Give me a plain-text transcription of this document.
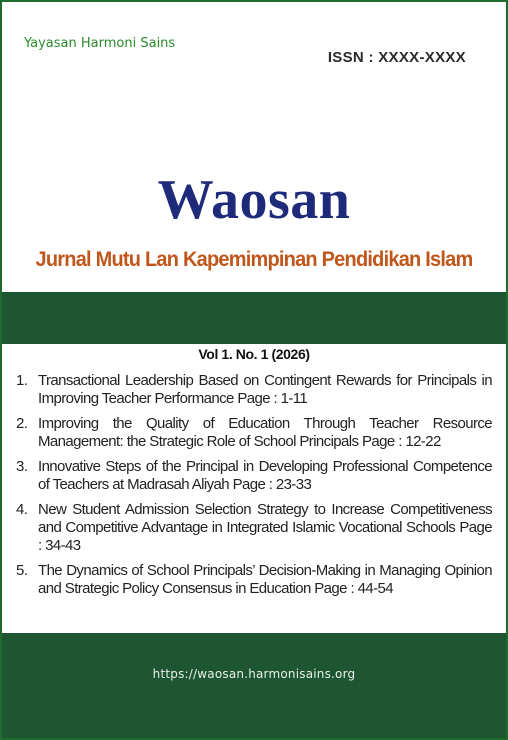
Yayasan Harmoni Sains
ISSN : XXXX-XXXX
Waosan
Jurnal Mutu Lan Kapemimpinan Pendidikan Islam
Vol 1. No. 1 (2026)
1. Transactional Leadership Based on Contingent Rewards for Principals in Improving Teacher Performance Page : 1-11
2. Improving the Quality of Education Through Teacher Resource Management: the Strategic Role of School Principals Page : 12-22
3. Innovative Steps of the Principal in Developing Professional Competence of Teachers at Madrasah Aliyah Page : 23-33
4. New Student Admission Selection Strategy to Increase Competitiveness and Competitive Advantage in Integrated Islamic Vocational Schools Page : 34-43
5. The Dynamics of School Principals’ Decision-Making in Managing Opinion and Strategic Policy Consensus in Education Page : 44-54
https://waosan.harmonisains.org
